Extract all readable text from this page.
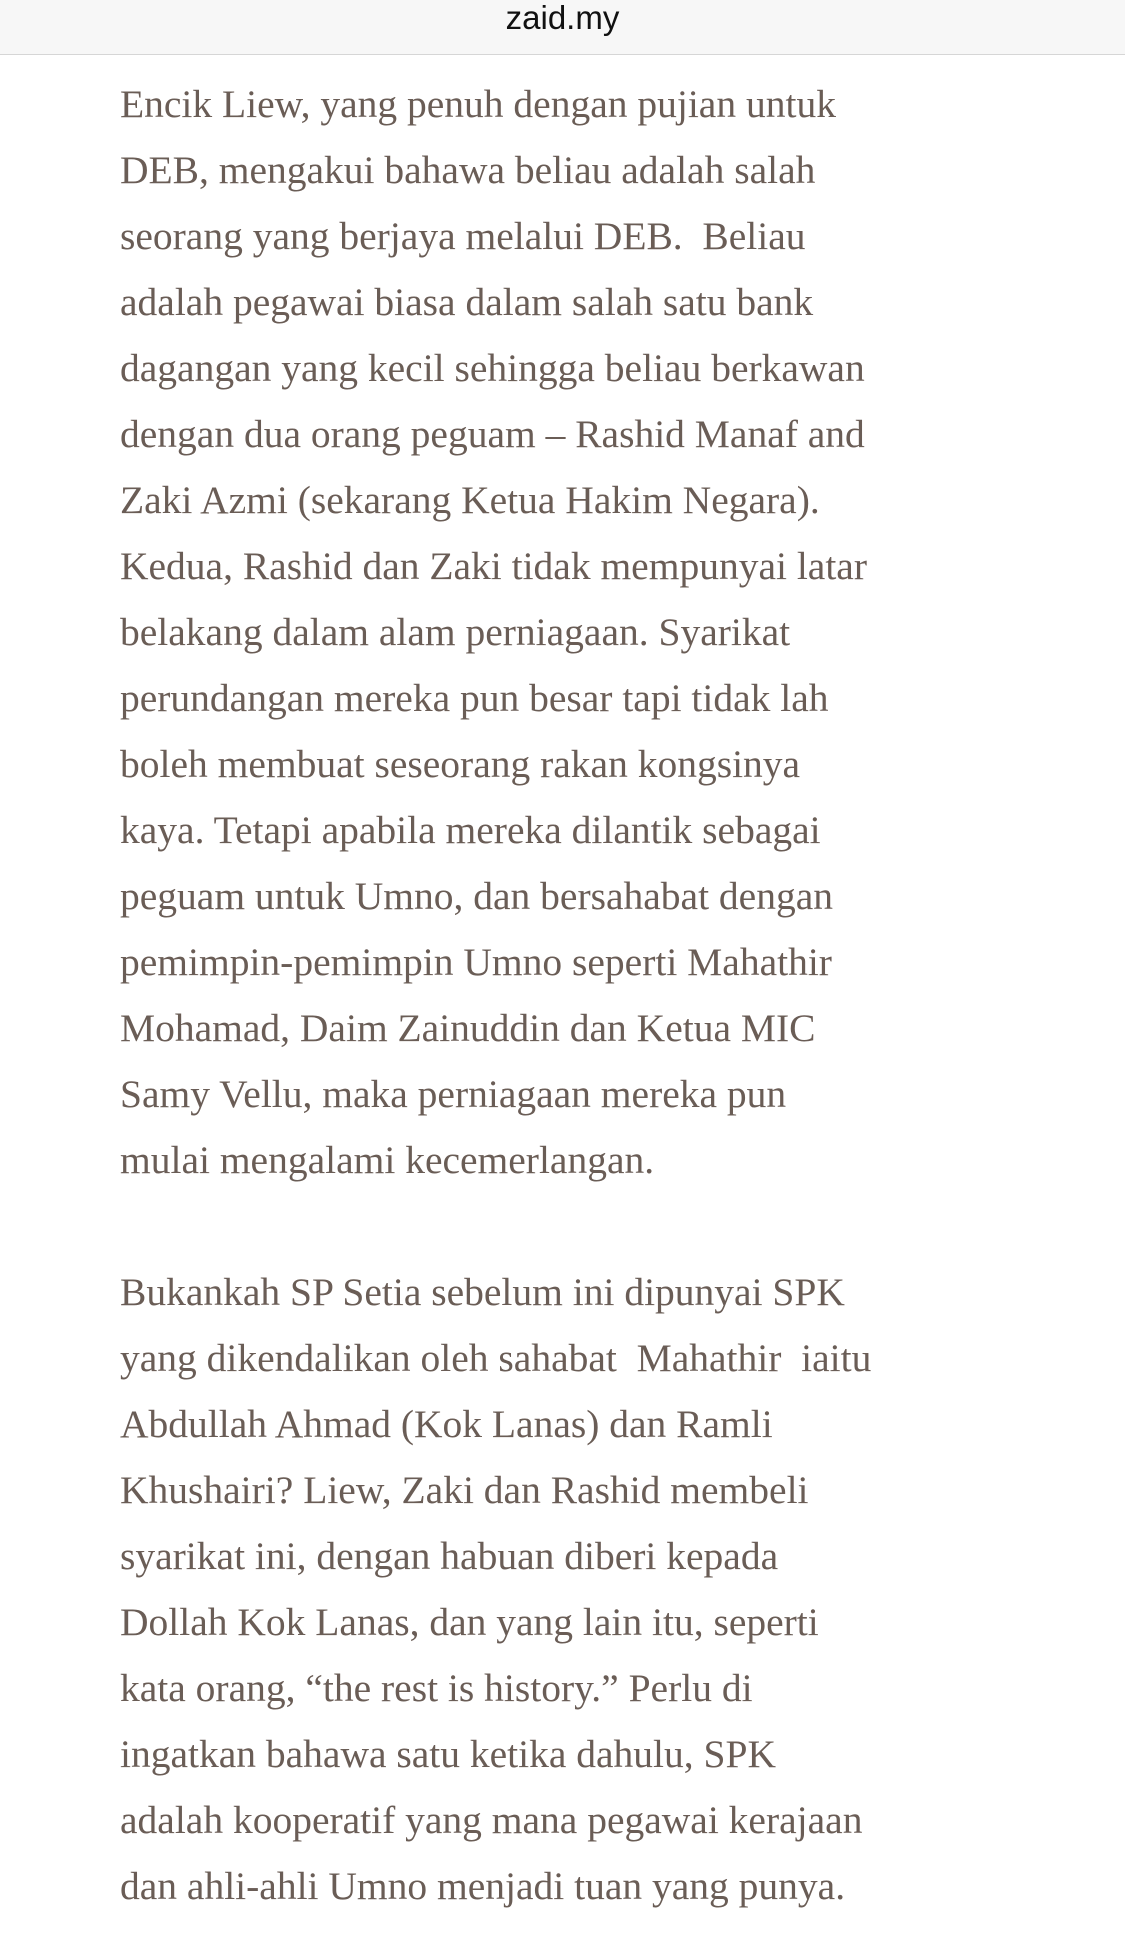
zaid.my

Encik Liew, yang penuh dengan pujian untuk
DEB, mengakui bahawa beliau adalah salah
seorang yang berjaya melalui DEB.  Beliau
adalah pegawai biasa dalam salah satu bank
dagangan yang kecil sehingga beliau berkawan
dengan dua orang peguam – Rashid Manaf and
Zaki Azmi (sekarang Ketua Hakim Negara).
Kedua, Rashid dan Zaki tidak mempunyai latar
belakang dalam alam perniagaan. Syarikat
perundangan mereka pun besar tapi tidak lah
boleh membuat seseorang rakan kongsinya
kaya. Tetapi apabila mereka dilantik sebagai
peguam untuk Umno, dan bersahabat dengan
pemimpin-pemimpin Umno seperti Mahathir
Mohamad, Daim Zainuddin dan Ketua MIC
Samy Vellu, maka perniagaan mereka pun
mulai mengalami kecemerlangan.

Bukankah SP Setia sebelum ini dipunyai SPK
yang dikendalikan oleh sahabat  Mahathir  iaitu
Abdullah Ahmad (Kok Lanas) dan Ramli
Khushairi? Liew, Zaki dan Rashid membeli
syarikat ini, dengan habuan diberi kepada
Dollah Kok Lanas, dan yang lain itu, seperti
kata orang, “the rest is history.” Perlu di
ingatkan bahawa satu ketika dahulu, SPK
adalah kooperatif yang mana pegawai kerajaan
dan ahli-ahli Umno menjadi tuan yang punya.
